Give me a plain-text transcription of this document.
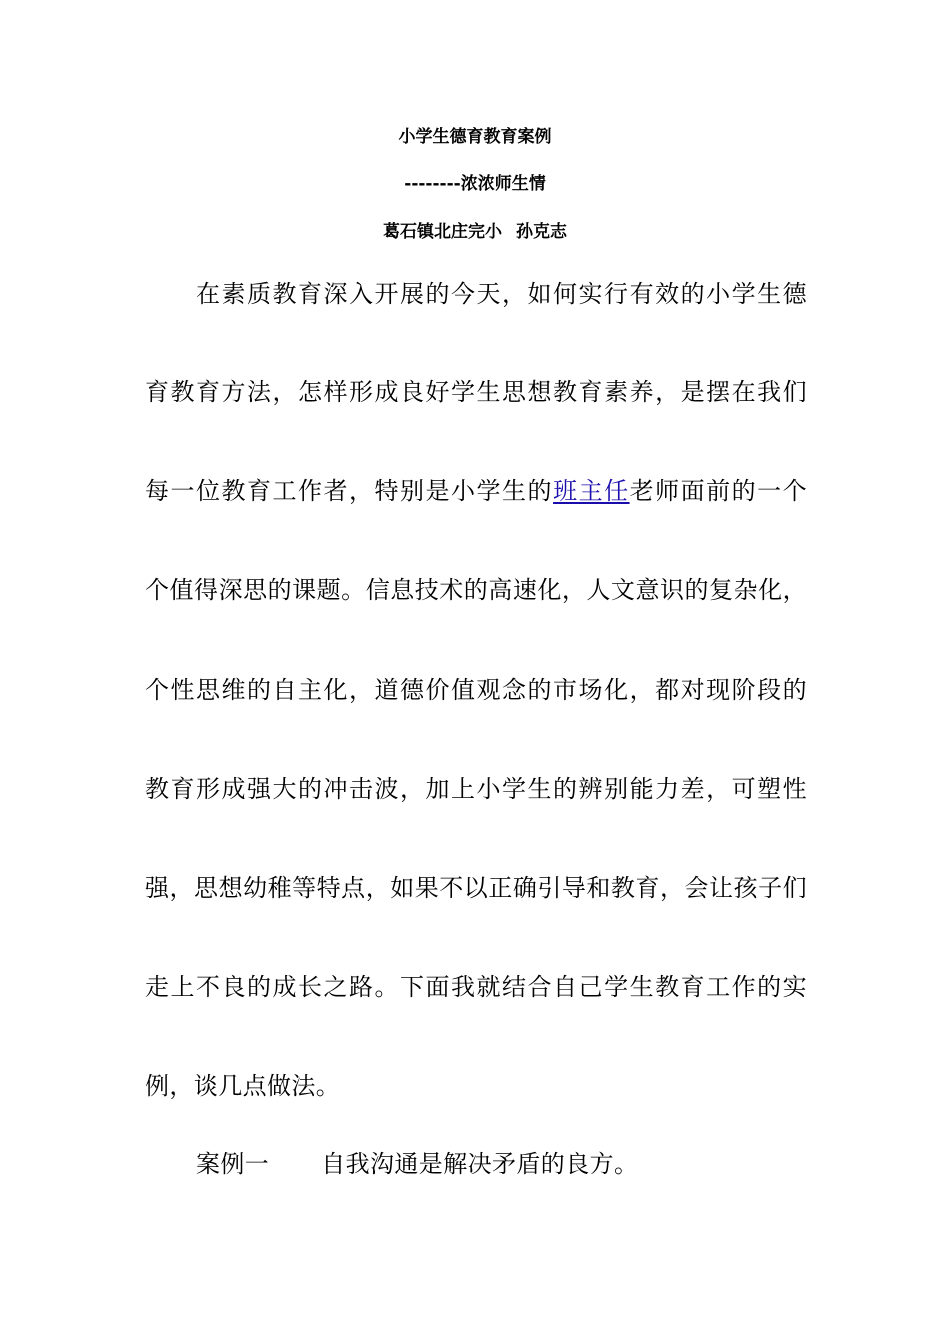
小学生德育教育案例
--------浓浓师生情
葛石镇北庄完小 孙克志
在素质教育深入开展的今天，如何实行有效的小学生德
育教育方法，怎样形成良好学生思想教育素养，是摆在我们
每一位教育工作者，特别是小学生的班主任老师面前的一个
个值得深思的课题。信息技术的高速化，人文意识的复杂化，
个性思维的自主化，道德价值观念的市场化，都对现阶段的
教育形成强大的冲击波，加上小学生的辨别能力差，可塑性
强，思想幼稚等特点，如果不以正确引导和教育，会让孩子们
走上不良的成长之路。下面我就结合自己学生教育工作的实
例，谈几点做法。
案例一 自我沟通是解决矛盾的良方。
